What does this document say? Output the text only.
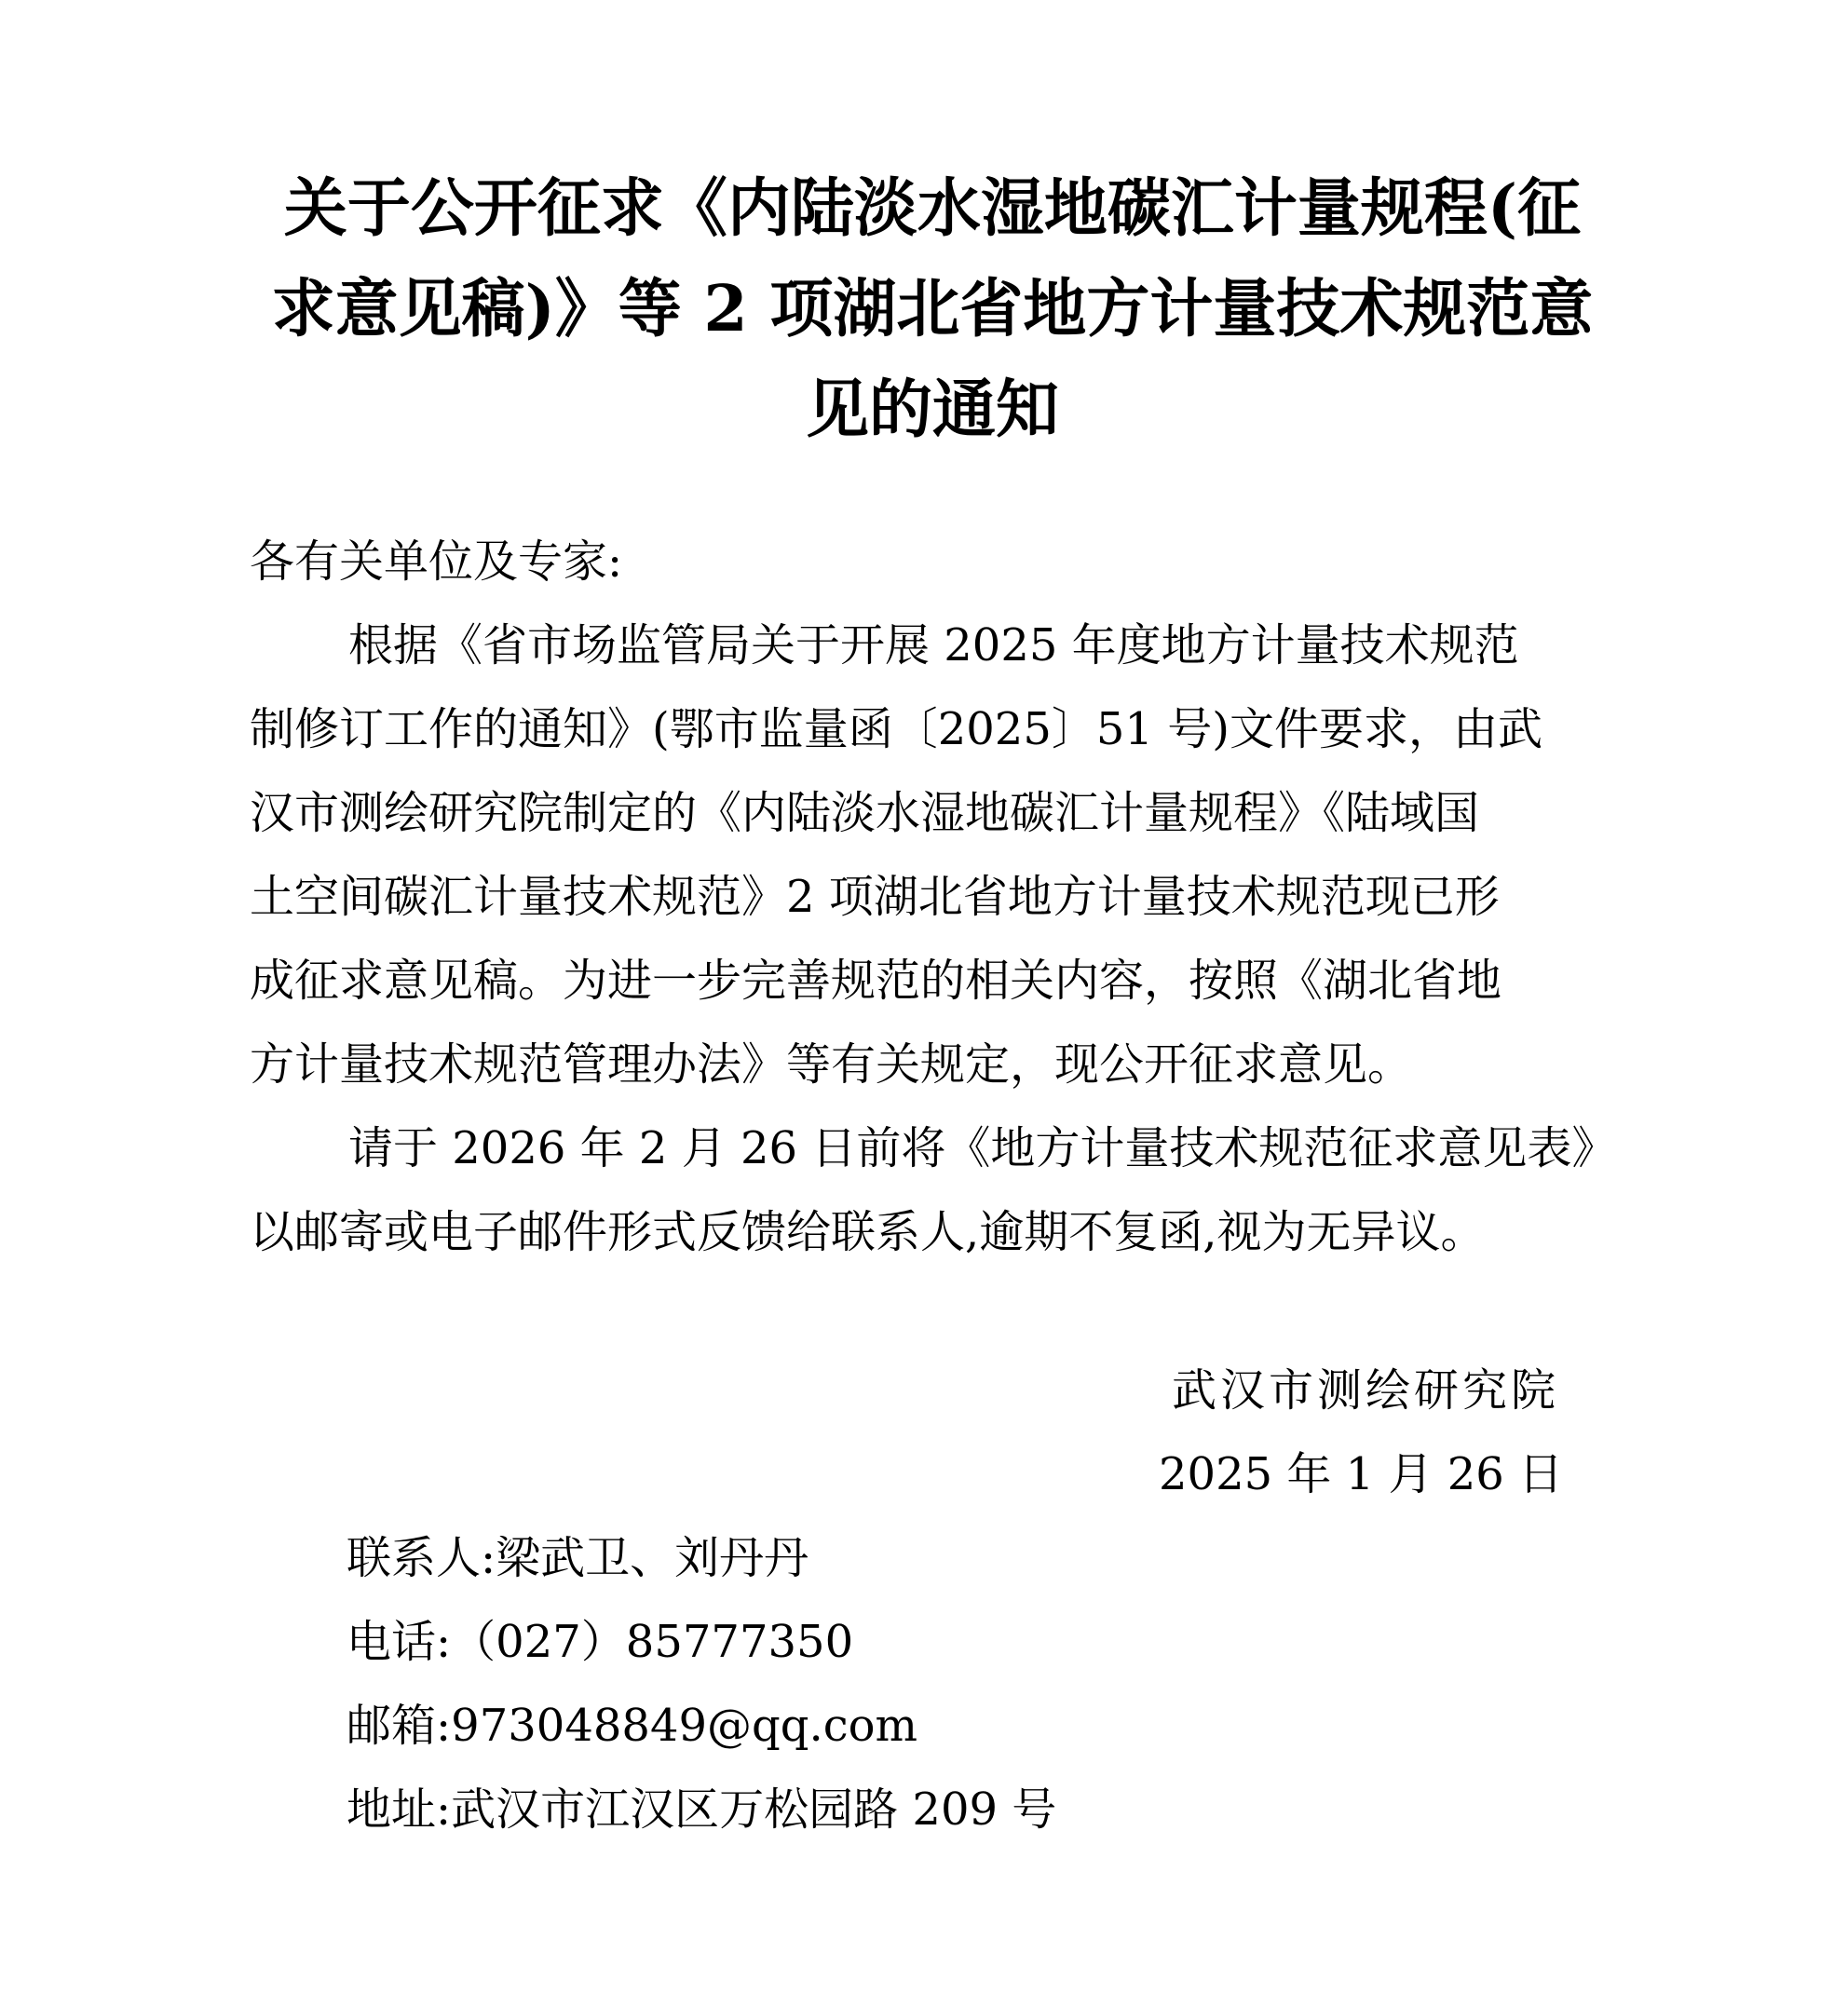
关于公开征求《内陆淡水湿地碳汇计量规程(征
求意见稿)》等 2 项湖北省地方计量技术规范意
见的通知
各有关单位及专家:
根据《省市场监管局关于开展 2025 年度地方计量技术规范
制修订工作的通知》(鄂市监量函〔2025〕51 号)文件要求，由武
汉市测绘研究院制定的《内陆淡水湿地碳汇计量规程》《陆域国
土空间碳汇计量技术规范》2 项湖北省地方计量技术规范现已形
成征求意见稿。为进一步完善规范的相关内容，按照《湖北省地
方计量技术规范管理办法》等有关规定，现公开征求意见。
请于 2026 年 2 月 26 日前将《地方计量技术规范征求意见表》
以邮寄或电子邮件形式反馈给联系人,逾期不复函,视为无异议。
武汉市测绘研究院
2025 年 1 月 26 日
联系人:梁武卫、刘丹丹
电话:（027）85777350
邮箱:973048849@qq.com
地址:武汉市江汉区万松园路 209 号
